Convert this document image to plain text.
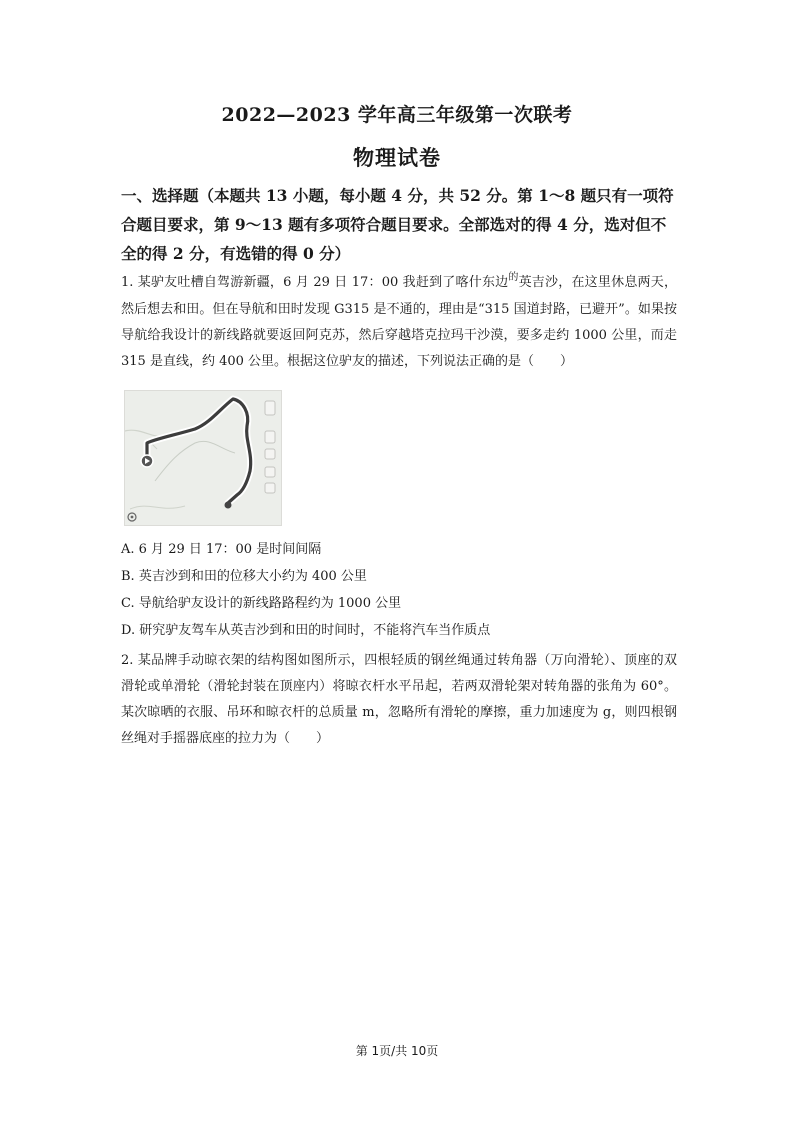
2022—2023 学年高三年级第一次联考
物理试卷
一、选择题（本题共 13 小题，每小题 4 分，共 52 分。第 1～8 题只有一项符合题目要求，第 9～13 题有多项符合题目要求。全部选对的得 4 分，选对但不全的得 2 分，有选错的得 0 分）
1. 某驴友吐槽自驾游新疆，6 月 29 日 17：00 我赶到了喀什东边$^的$英吉沙，在这里休息两天，然后想去和田。但在导航和田时发现 G315 是不通的，理由是“315 国道封路，已避开”。如果按导航给我设计的新线路就要返回阿克苏，然后穿越塔克拉玛干沙漠，要多走约 1000 公里，而走 315 是直线，约 400 公里。根据这位驴友的描述，下列说法正确的是（　　）
A. 6 月 29 日 17：00 是时间间隔
B. 英吉沙到和田的位移大小约为 400 公里
C. 导航给驴友设计的新线路路程约为 1000 公里
D. 研究驴友驾车从英吉沙到和田的时间时，不能将汽车当作质点
2. 某品牌手动晾衣架的结构图如图所示，四根轻质的钢丝绳通过转角器（万向滑轮）、顶座的双滑轮或单滑轮（滑轮封装在顶座内）将晾衣杆水平吊起，若两双滑轮架对转角器的张角为 60°。某次晾晒的衣服、吊环和晾衣杆的总质量 m，忽略所有滑轮的摩擦，重力加速度为 g，则四根钢丝绳对手摇器底座的拉力为（　　）
第 1页/共 10页
